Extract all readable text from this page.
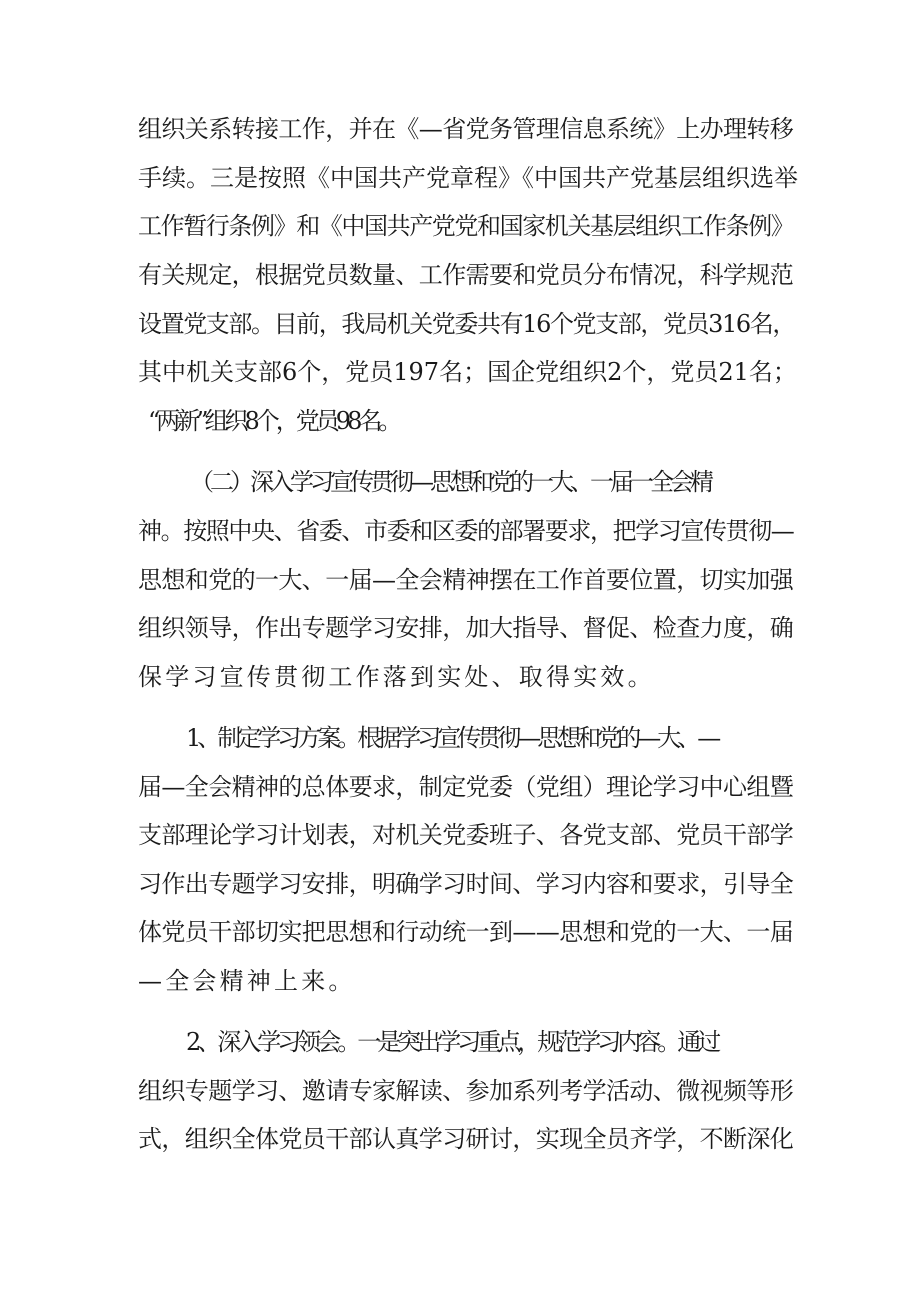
组织关系转接工作，并在《—省党务管理信息系统》上办理转移
手续。三是按照《中国共产党章程》《中国共产党基层组织选举
工作暂行条例》和《中国共产党党和国家机关基层组织工作条例》
有关规定，根据党员数量、工作需要和党员分布情况，科学规范
设置党支部。目前，我局机关党委共有16个党支部，党员316名，
其中机关支部6个，党员197名；国企党组织2个，党员21名；
“两新”组织8个，党员98名。
（二）深入学习宣传贯彻—思想和党的一大、一届一全会精
神。按照中央、省委、市委和区委的部署要求，把学习宣传贯彻—
思想和党的一大、一届—全会精神摆在工作首要位置，切实加强
组织领导，作出专题学习安排，加大指导、督促、检查力度，确
保学习宣传贯彻工作落到实处、取得实效。
1、制定学习方案。根据学习宣传贯彻—思想和党的—大、—
届—全会精神的总体要求，制定党委（党组）理论学习中心组暨
支部理论学习计划表，对机关党委班子、各党支部、党员干部学
习作出专题学习安排，明确学习时间、学习内容和要求，引导全
体党员干部切实把思想和行动统一到——思想和党的一大、一届
—全会精神上来。
2、深入学习领会。一是突出学习重点，规范学习内容。通过
组织专题学习、邀请专家解读、参加系列考学活动、微视频等形
式，组织全体党员干部认真学习研讨，实现全员齐学，不断深化
